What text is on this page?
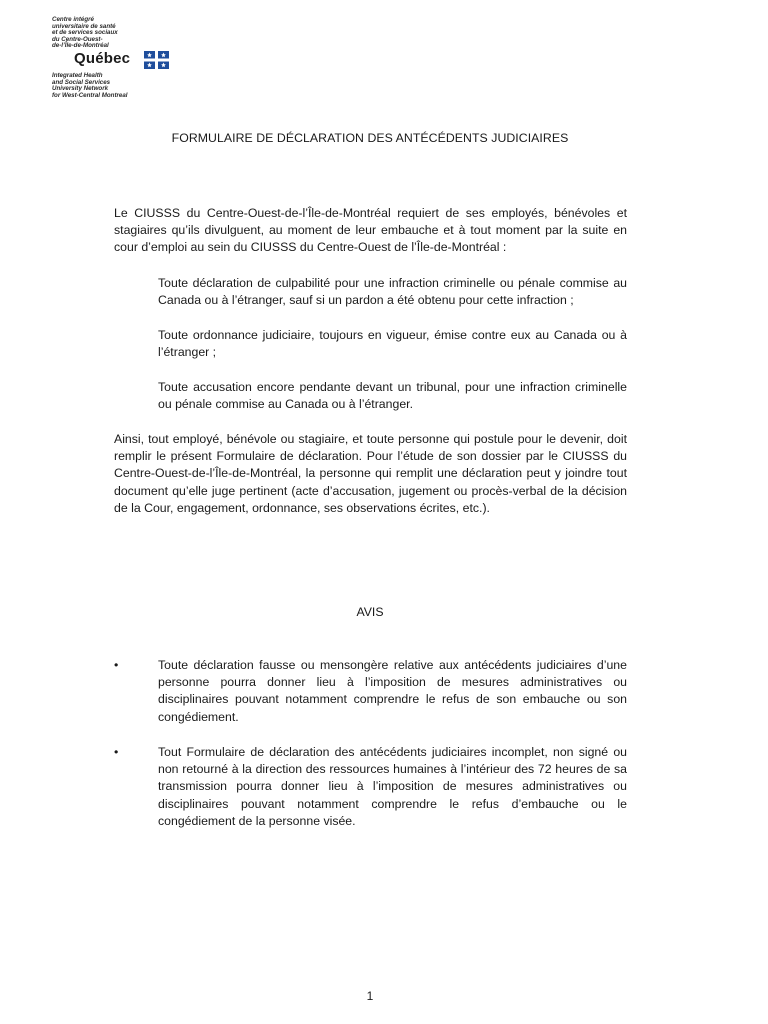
Centre intégré
universitaire de santé
et de services sociaux
du Centre-Ouest-
de-l’Île-de-Montréal
Québec
Integrated Health
and Social Services
University Network
for West-Central Montreal
FORMULAIRE DE DÉCLARATION DES ANTÉCÉDENTS JUDICIAIRES
Le CIUSSS du Centre-Ouest-de-l’Île-de-Montréal requiert de ses employés, bénévoles et stagiaires qu’ils divulguent, au moment de leur embauche et à tout moment par la suite en cour d’emploi au sein du CIUSSS du Centre-Ouest de l’Île-de-Montréal :
Toute déclaration de culpabilité pour une infraction criminelle ou pénale commise au Canada ou à l’étranger, sauf si un pardon a été obtenu pour cette infraction ;
Toute ordonnance judiciaire, toujours en vigueur, émise contre eux au Canada ou à l’étranger ;
Toute accusation encore pendante devant un tribunal, pour une infraction criminelle ou pénale commise au Canada ou à l’étranger.
Ainsi, tout employé, bénévole ou stagiaire, et toute personne qui postule pour le devenir, doit remplir le présent Formulaire de déclaration. Pour l’étude de son dossier par le CIUSSS du Centre-Ouest-de-l’Île-de-Montréal, la personne qui remplit une déclaration peut y joindre tout document qu’elle juge pertinent (acte d’accusation, jugement ou procès-verbal de la décision de la Cour, engagement, ordonnance, ses observations écrites, etc.).
AVIS
•	Toute déclaration fausse ou mensongère relative aux antécédents judiciaires d’une personne pourra donner lieu à l’imposition de mesures administratives ou disciplinaires pouvant notamment comprendre le refus de son embauche ou son congédiement.
•	Tout Formulaire de déclaration des antécédents judiciaires incomplet, non signé ou non retourné à la direction des ressources humaines à l’intérieur des 72 heures de sa transmission pourra donner lieu à l’imposition de mesures administratives ou disciplinaires pouvant notamment comprendre le refus d’embauche ou le congédiement de la personne visée.
1
